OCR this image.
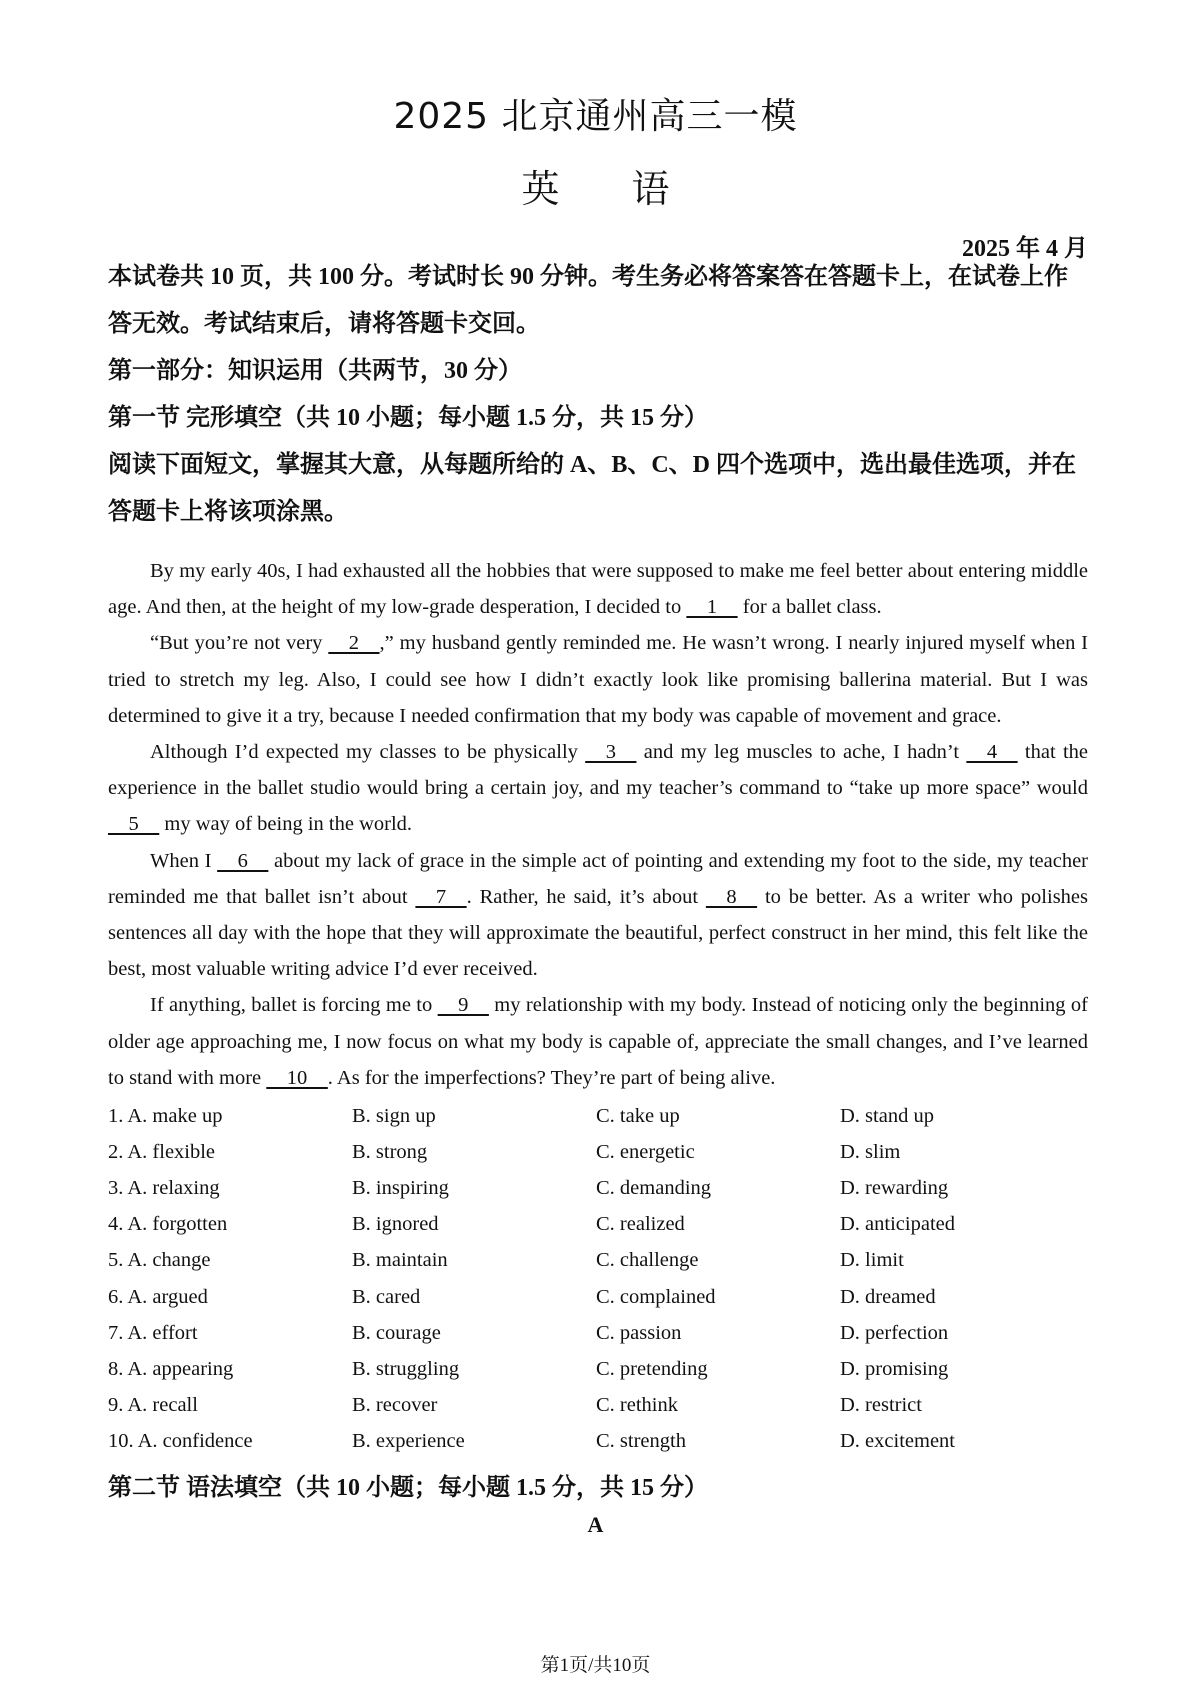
2025 北京通州高三一模
英 语
2025 年 4 月
本试卷共 10 页，共 100 分。考试时长 90 分钟。考生务必将答案答在答题卡上，在试卷上作
答无效。考试结束后，请将答题卡交回。
第一部分：知识运用（共两节，30 分）
第一节 完形填空（共 10 小题；每小题 1.5 分，共 15 分）
阅读下面短文，掌握其大意，从每题所给的 A、B、C、D 四个选项中，选出最佳选项，并在
答题卡上将该项涂黑。

By my early 40s, I had exhausted all the hobbies that were supposed to make me feel better about entering middle age. And then, at the height of my low-grade desperation, I decided to     1     for a ballet class.

“But you’re not very     2    ,” my husband gently reminded me. He wasn’t wrong. I nearly injured myself when I tried to stretch my leg. Also, I could see how I didn’t exactly look like promising ballerina material. But I was determined to give it a try, because I needed confirmation that my body was capable of movement and grace.

Although I’d expected my classes to be physically     3     and my leg muscles to ache, I hadn’t     4     that the experience in the ballet studio would bring a certain joy, and my teacher’s command to “take up more space” would     5     my way of being in the world.

When I     6     about my lack of grace in the simple act of pointing and extending my foot to the side, my teacher reminded me that ballet isn’t about     7    . Rather, he said, it’s about     8     to be better. As a writer who polishes sentences all day with the hope that they will approximate the beautiful, perfect construct in her mind, this felt like the best, most valuable writing advice I’d ever received.

If anything, ballet is forcing me to     9     my relationship with my body. Instead of noticing only the beginning of older age approaching me, I now focus on what my body is capable of, appreciate the small changes, and I’ve learned to stand with more     10    . As for the imperfections? They’re part of being alive.

1. A. make up	B. sign up	C. take up	D. stand up
2. A. flexible	B. strong	C. energetic	D. slim
3. A. relaxing	B. inspiring	C. demanding	D. rewarding
4. A. forgotten	B. ignored	C. realized	D. anticipated
5. A. change	B. maintain	C. challenge	D. limit
6. A. argued	B. cared	C. complained	D. dreamed
7. A. effort	B. courage	C. passion	D. perfection
8. A. appearing	B. struggling	C. pretending	D. promising
9. A. recall	B. recover	C. rethink	D. restrict
10. A. confidence	B. experience	C. strength	D. excitement
第二节 语法填空（共 10 小题；每小题 1.5 分，共 15 分）
A
第1页/共10页
